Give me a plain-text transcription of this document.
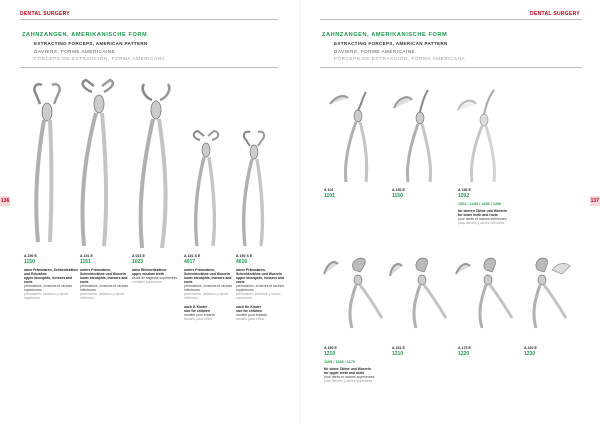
DENTAL SURGERY
ZAHNZANGEN, AMERIKANISCHE FORM
EXTRACTING FORCEPS, AMERICAN PATTERN
DAVIERS, FORME AMERICAINE
FÓRCEPS DE EXTRACCIÓN, FORMA AMERICANA
136
A 150 E
1150
oben Prämolaren, Schneidezähne und Eckzähne
upper bicuspids, incisors and roots
prémolaires, incisives et racines supérieures
premolares, incisivos y raíces superiores
A 151 E
1151
untere Prämolaren, Schneidezähne und Wurzeln
lower bicuspids, incisors and roots
prémolaires, incisives et racines inférieures
premolares, incisivos y raíces inferiores
A 023 E
1023
oben Weisheitszähne
upper wisdom teeth
dents de sagesse supérieures
cordales superiores
A 151 S E
4017
untere Prämolaren, Schneidezähne und Wurzeln
lower bicuspids, incisors and roots
prémolaires, incisives et racines inférieures
premolares, incisivos y raíces inferiores
nach II. Kinder
size for children
modèle pour enfants
tamaño para niños
A 150 S E
4016
obere Prämolaren, Schneidezähne und Wurzeln
upper bicuspids, incisors and roots
prémolaires, incisives et racines supérieures
premolares, incisivos y raíces superiores
nach für Kinder
size for children
modèle pour enfants
tamaño para niños
DENTAL SURGERY
ZAHNZANGEN, AMERIKANISCHE FORM
EXTRACTING FORCEPS, AMERICAN PATTERN
DAVIERS, FORME AMERICAINE
FÓRCEPS DE EXTRACCIÓN, FORMA AMERICANA
137
A 101
1101
A 150 E
1150
A 150 E
1202
1202 / 1203 / 1205 / 1206
für oberen Zähne und Wurzeln
for lower teeth and roots
pour dents et racines inférieures
para dientes y raíces inferiores
A 150 E
1210
1169 / 1165 / 1170
für obere Zähne und Wurzeln
for upper teeth and roots
pour dents et racines supérieures
para dientes y raíces superiores
A 151 E
1210
A 175 E
1220
A 220 E
1230
